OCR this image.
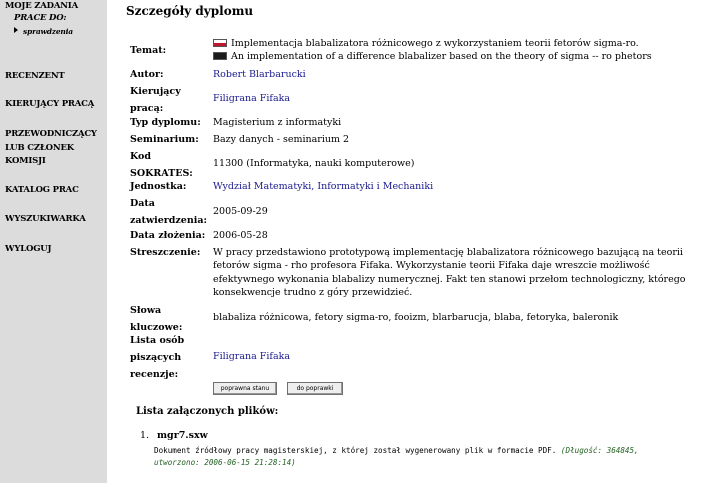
MOJE ZADANIA
PRACE DO:
sprawdzenia
RECENZENT
KIERUJĄCY PRACĄ
PRZEWODNICZĄCY LUB CZŁONEK KOMISJI
KATALOG PRAC
WYSZUKIWARKA
WYLOGUJ
Szczegóły dyplomu
Temat:
Implementacja blabalizatora różnicowego z wykorzystaniem teorii fetorów sigma-ro.
An implementation of a difference blabalizer based on the theory of sigma -- ro phetors
Autor:	Robert Blarbarucki
Kierujący pracą:
Filigrana Fifaka
Typ dyplomu: Magisterium z informatyki
Seminarium: Bazy danych - seminarium 2
Kod SOKRATES:
11300 (Informatyka, nauki komputerowe)
Jednostka:	Wydział Matematyki, Informatyki i Mechaniki
Data zatwierdzenia:
2005-09-29
Data złożenia: 2006-05-28
Streszczenie: W pracy przedstawiono prototypową implementację blabalizatora różnicowego bazującą na teorii fetorów sigma - rho profesora Fifaka. Wykorzystanie teorii Fifaka daje wreszcie możliwość efektywnego wykonania blabalizy numerycznej. Fakt ten stanowi przełom technologiczny, którego konsekwencje trudno z góry przewidzieć.
Słowa kluczowe:
blabaliza różnicowa, fetory sigma-ro, fooizm, blarbarucja, blaba, fetoryka, baleronik
Lista osób piszących recenzje:
Filigrana Fifaka
poprawna stanu	do poprawki
Lista załączonych plików:
1. mgr7.sxw
Dokument źródłowy pracy magisterskiej, z której został wygenerowany plik w formacie PDF. (Długość: 364845,
utworzono: 2006-06-15 21:28:14)
